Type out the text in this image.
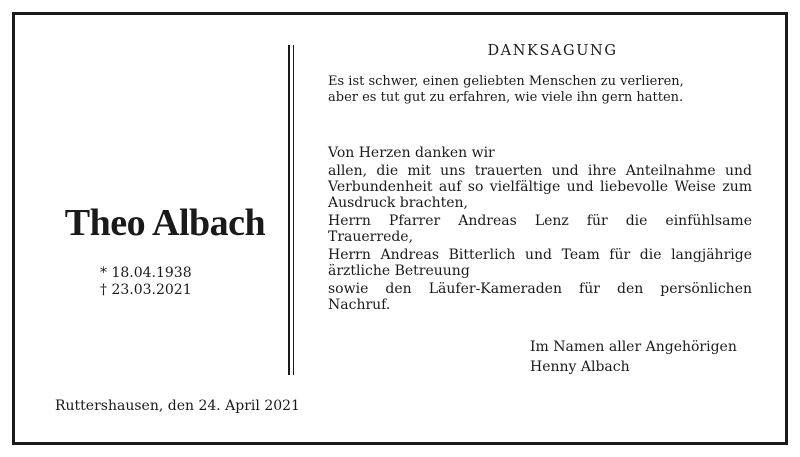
Theo Albach
* 18.04.1938
† 23.03.2021
DANKSAGUNG
Es ist schwer, einen geliebten Menschen zu verlieren,
aber es tut gut zu erfahren, wie viele ihn gern hatten.

Von Herzen danken wir

allen, die mit uns trauerten und ihre Anteilnahme und Verbundenheit auf so vielfältige und liebevolle Weise zum Ausdruck brachten,

Herrn Pfarrer Andreas Lenz für die einfühlsame Trauerrede,

Herrn Andreas Bitterlich und Team für die langjährige ärztliche Betreuung

sowie den Läufer-Kameraden für den persönlichen Nachruf.

Im Namen aller Angehörigen
Henny Albach
Ruttershausen, den 24. April 2021
